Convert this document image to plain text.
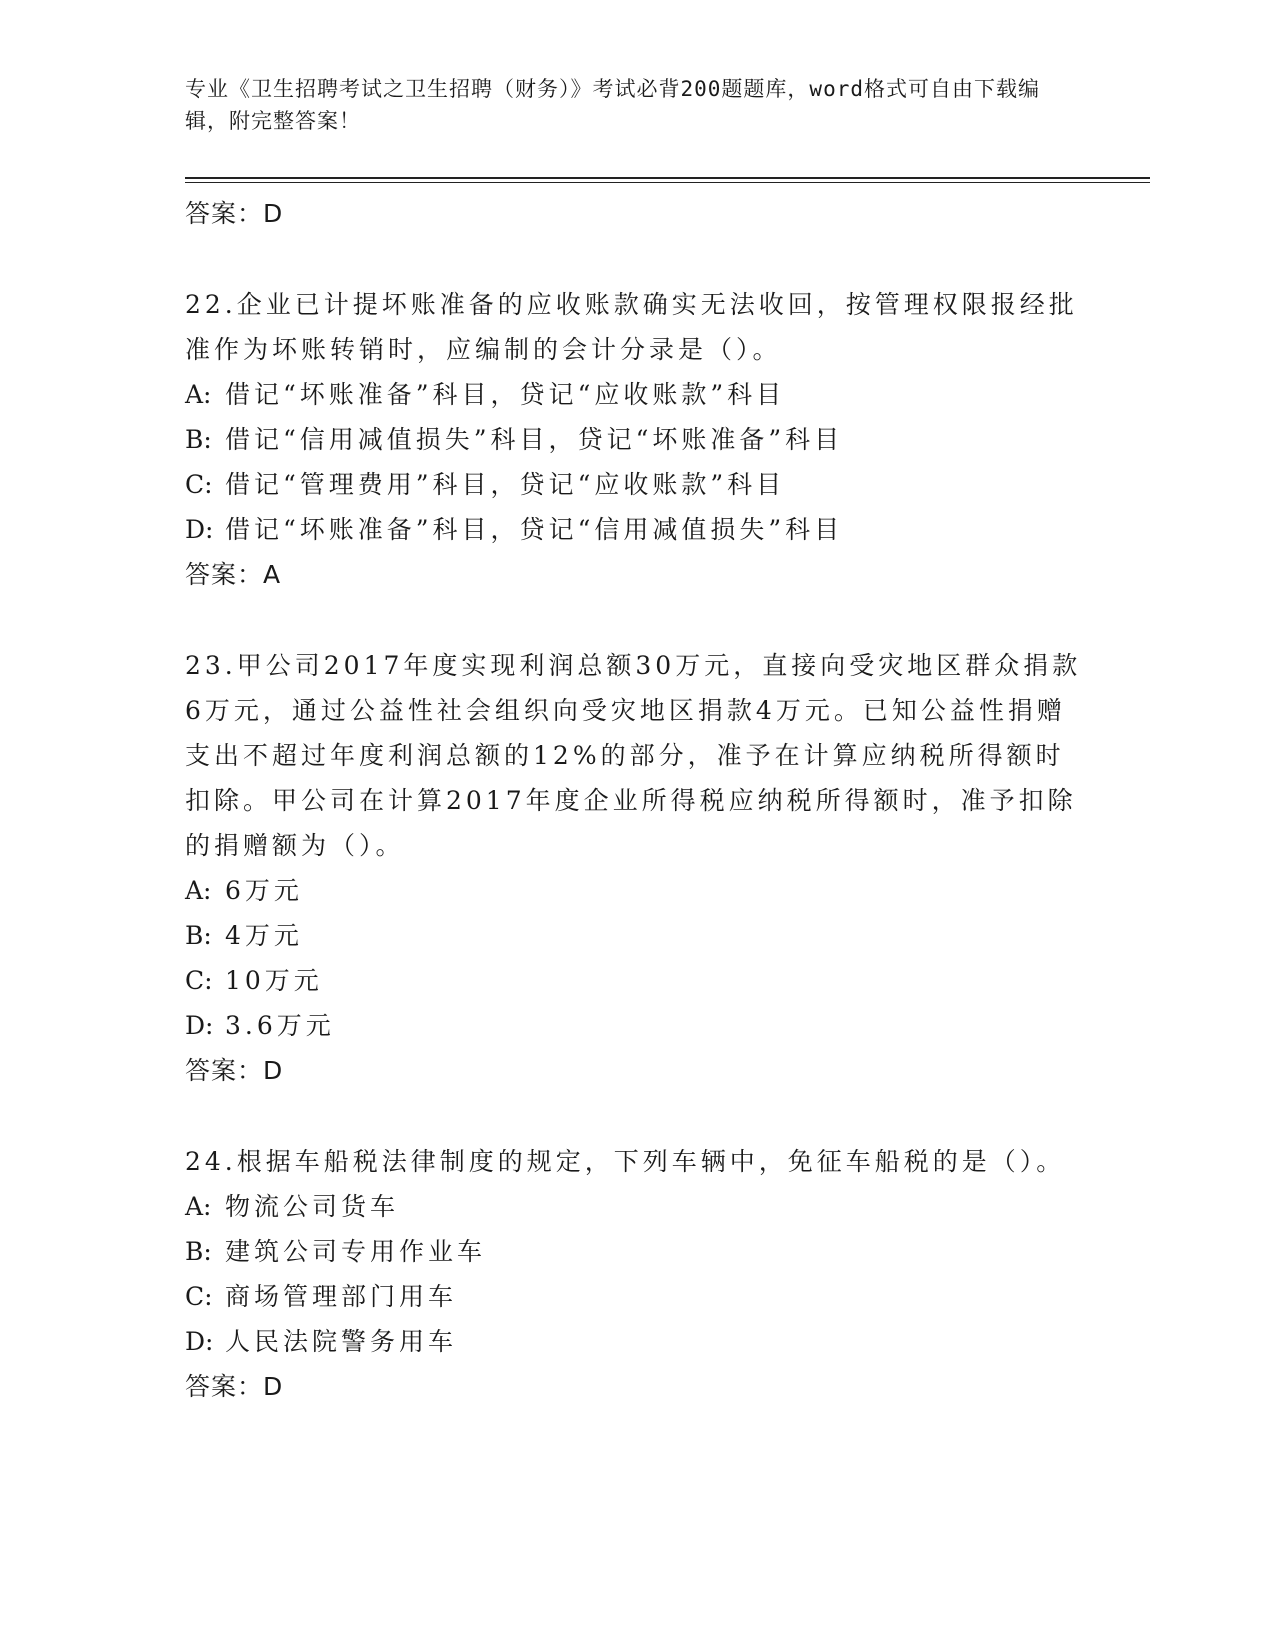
专业《卫生招聘考试之卫生招聘（财务）》考试必背200题题库，word格式可自由下载编辑，附完整答案！
答案：D

22.企业已计提坏账准备的应收账款确实无法收回，按管理权限报经批准作为坏账转销时，应编制的会计分录是（）。

A: 借记“坏账准备”科目，贷记“应收账款”科目
B: 借记“信用减值损失”科目，贷记“坏账准备”科目
C: 借记“管理费用”科目，贷记“应收账款”科目
D: 借记“坏账准备”科目，贷记“信用减值损失”科目
答案：A

23.甲公司2017年度实现利润总额30万元，直接向受灾地区群众捐款6万元，通过公益性社会组织向受灾地区捐款4万元。已知公益性捐赠支出不超过年度利润总额的12%的部分，准予在计算应纳税所得额时扣除。甲公司在计算2017年度企业所得税应纳税所得额时，准予扣除的捐赠额为（）。

A: 6万元
B: 4万元
C: 10万元
D: 3.6万元
答案：D

24.根据车船税法律制度的规定，下列车辆中，免征车船税的是（）。

A: 物流公司货车
B: 建筑公司专用作业车
C: 商场管理部门用车
D: 人民法院警务用车
答案：D
